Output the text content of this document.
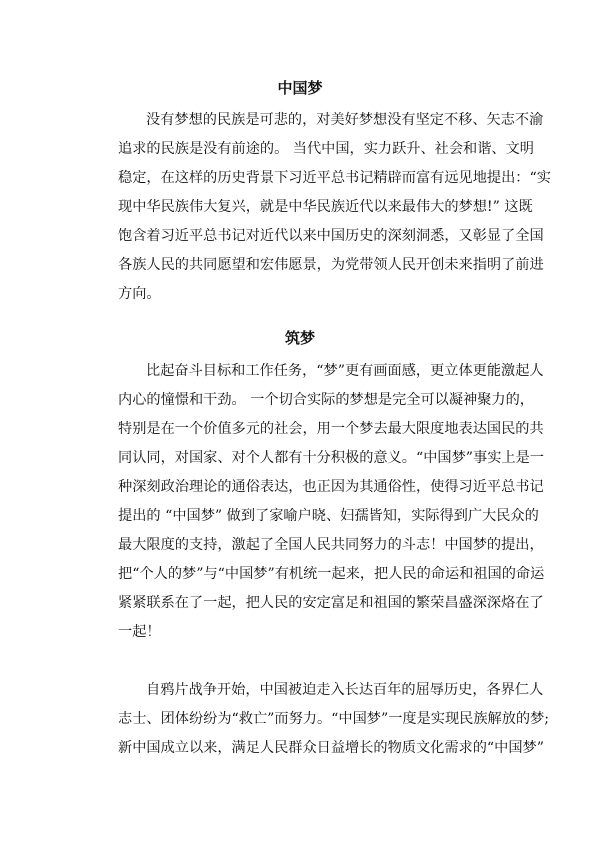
中国梦
没有梦想的民族是可悲的，对美好梦想没有坚定不移、矢志不渝
追求的民族是没有前途的。 当代中国，实力跃升、社会和谐、文明
稳定，在这样的历史背景下习近平总书记精辟而富有远见地提出：“实
现中华民族伟大复兴，就是中华民族近代以来最伟大的梦想!” 这既
饱含着习近平总书记对近代以来中国历史的深刻洞悉，又彰显了全国
各族人民的共同愿望和宏伟愿景，为党带领人民开创未来指明了前进
方向。
筑梦
比起奋斗目标和工作任务，“梦”更有画面感，更立体更能激起人
内心的憧憬和干劲。 一个切合实际的梦想是完全可以凝神聚力的，
特别是在一个价值多元的社会，用一个梦去最大限度地表达国民的共
同认同，对国家、对个人都有十分积极的意义。“中国梦”事实上是一
种深刻政治理论的通俗表达，也正因为其通俗性，使得习近平总书记
提出的 “中国梦” 做到了家喻户晓、妇孺皆知，实际得到广大民众的
最大限度的支持，激起了全国人民共同努力的斗志！中国梦的提出，
把“个人的梦”与“中国梦”有机统一起来，把人民的命运和祖国的命运
紧紧联系在了一起，把人民的安定富足和祖国的繁荣昌盛深深烙在了
一起！
自鸦片战争开始，中国被迫走入长达百年的屈辱历史，各界仁人
志士、团体纷纷为“救亡”而努力。“中国梦”一度是实现民族解放的梦;
新中国成立以来，满足人民群众日益增长的物质文化需求的“中国梦”
